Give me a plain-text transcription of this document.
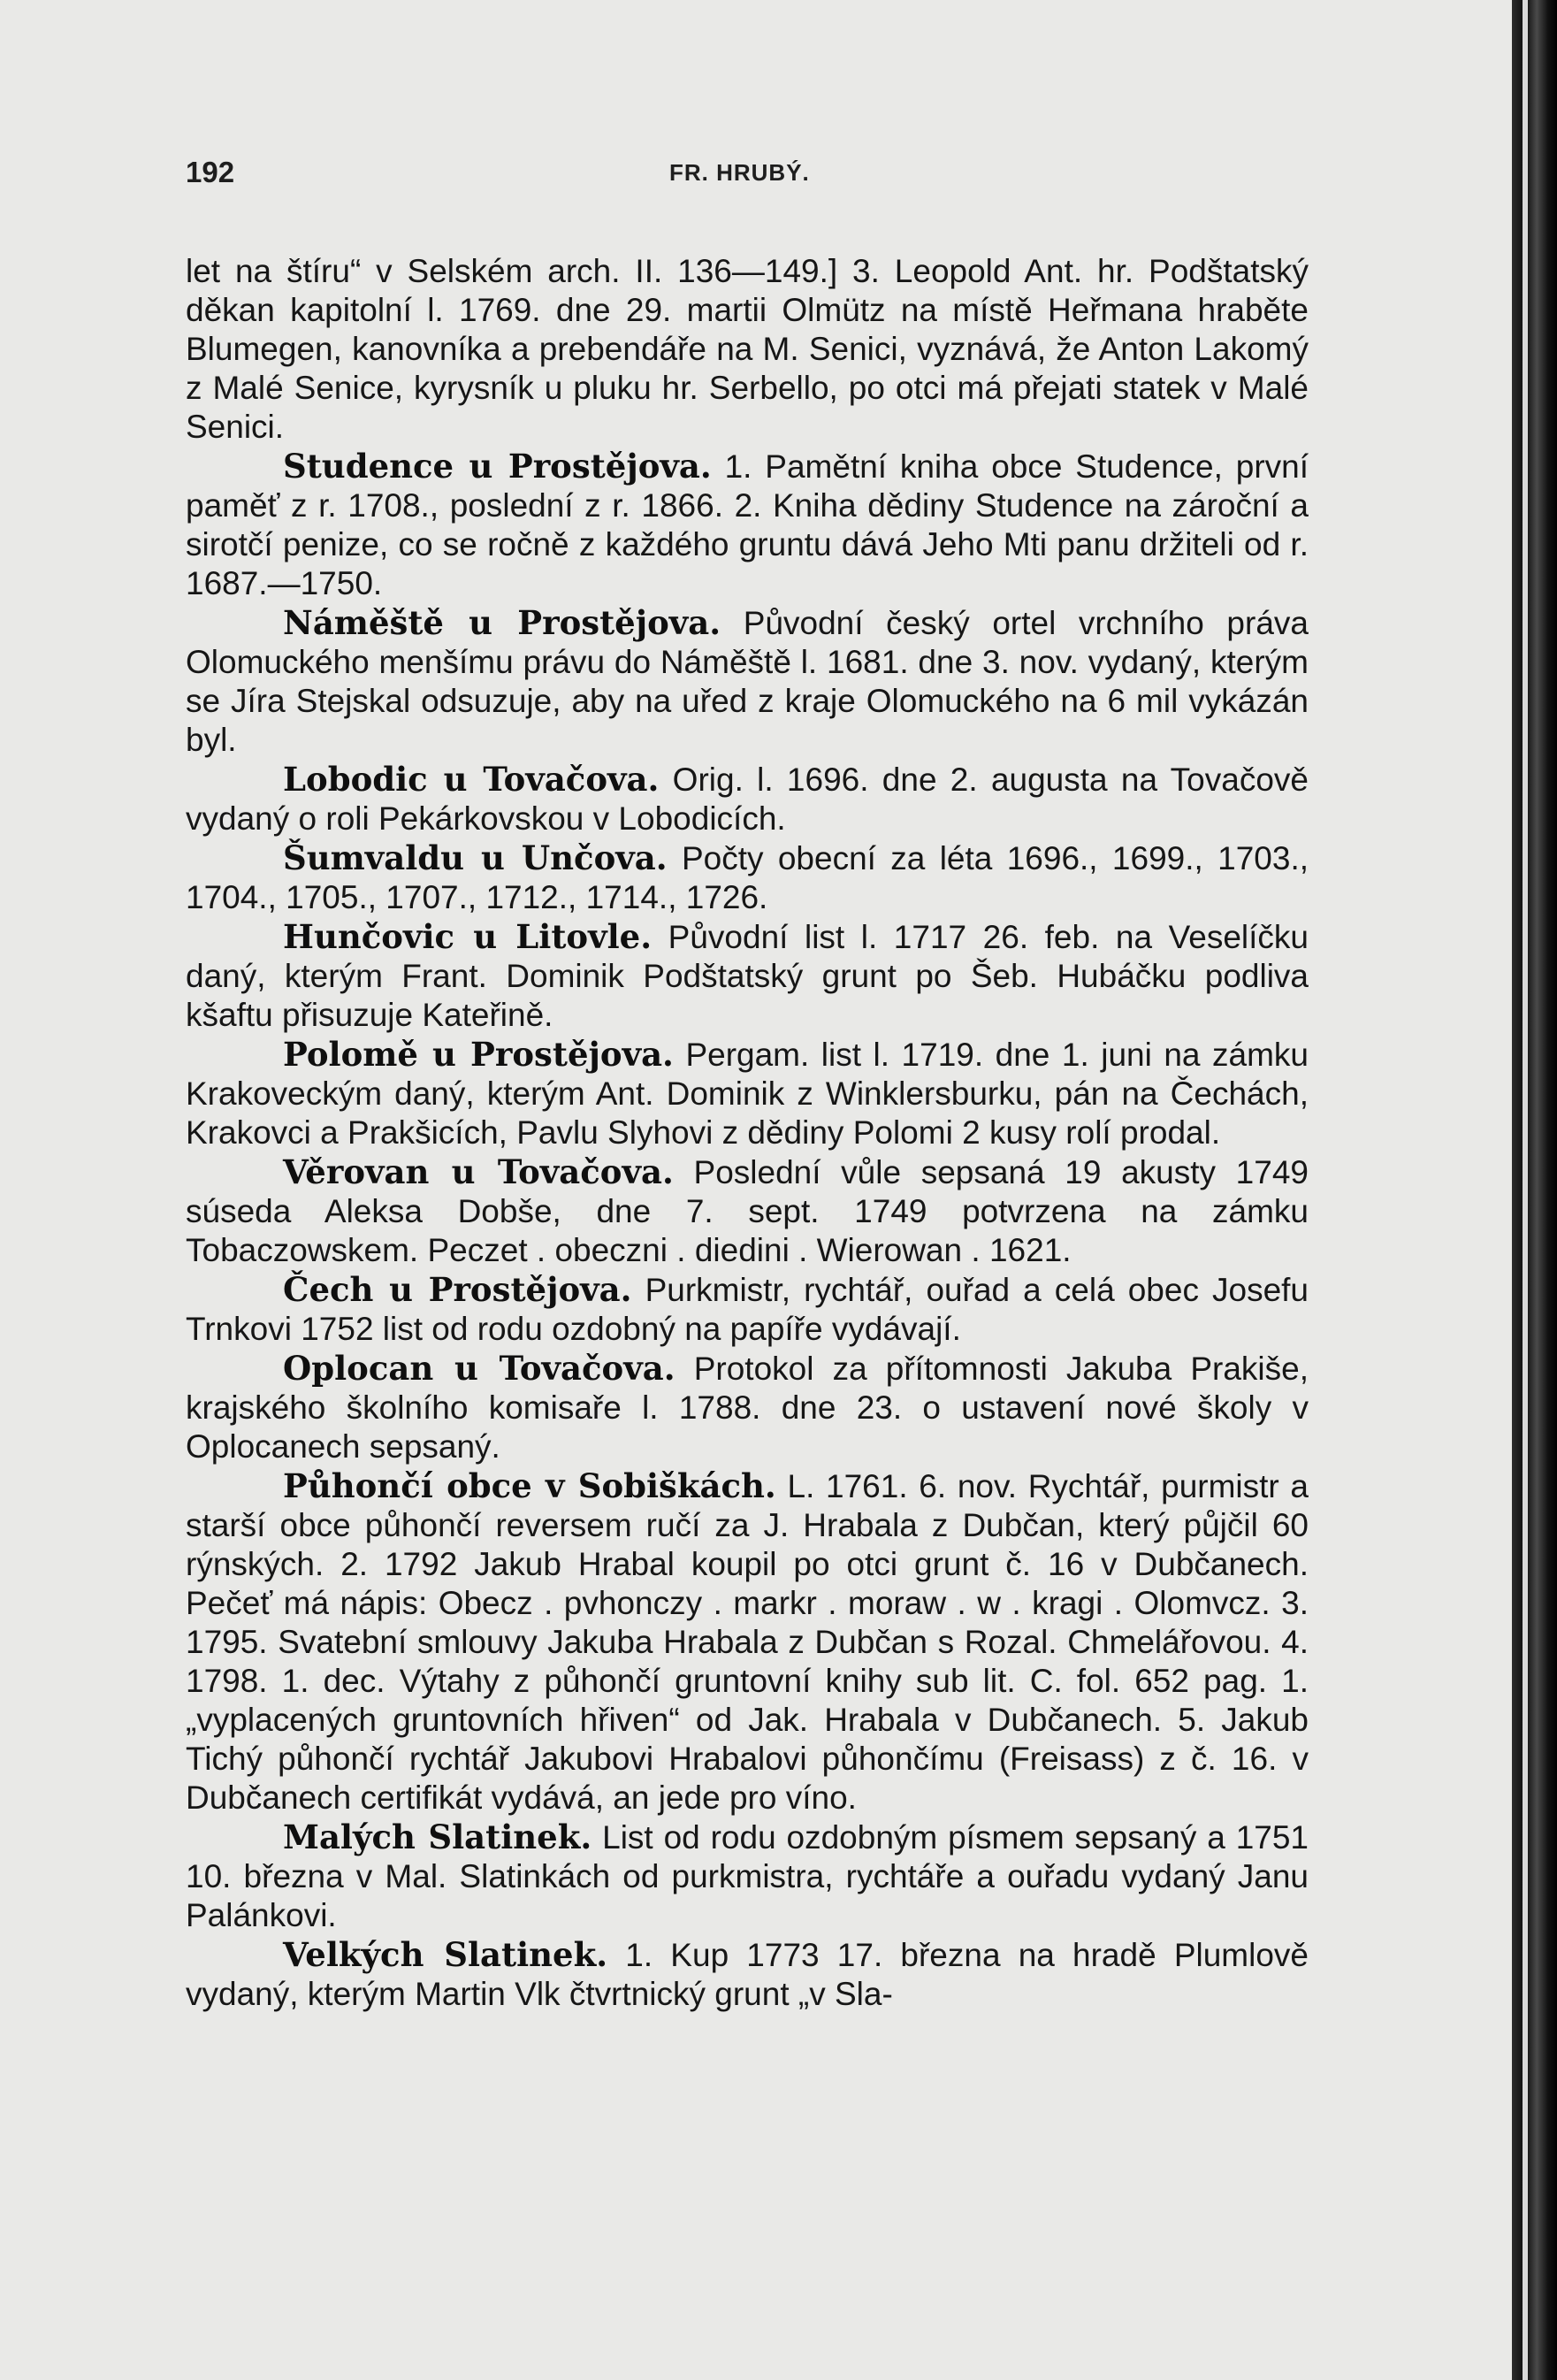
192	FR. HRUBÝ.

let na štíru“ v Selském arch. II. 136—149.] 3. Leopold Ant. hr. Podštatský děkan kapitolní l. 1769. dne 29. martii Olmütz na místě Heřmana hraběte Blumegen, kanovníka a prebendáře na M. Senici, vyznává, že Anton Lakomý z Malé Senice, kyrysník u pluku hr. Serbello, po otci má přejati statek v Malé Senici.

Studence u Prostějova. 1. Pamětní kniha obce Studence, první paměť z r. 1708., poslední z r. 1866. 2. Kniha dědiny Studence na zároční a sirotčí penize, co se ročně z každého gruntu dává Jeho Mti panu držiteli od r. 1687.—1750.

Náměště u Prostějova. Původní český ortel vrchního práva Olomuckého menšímu právu do Náměště l. 1681. dne 3. nov. vydaný, kterým se Jíra Stejskal odsuzuje, aby na uřed z kraje Olomuckého na 6 mil vykázán byl.

Lobodic u Tovačova. Orig. l. 1696. dne 2. augusta na Tovačově vydaný o roli Pekárkovskou v Lobodicích.

Šumvaldu u Unčova. Počty obecní za léta 1696., 1699., 1703., 1704., 1705., 1707., 1712., 1714., 1726.

Hunčovic u Litovle. Původní list l. 1717 26. feb. na Veselíčku daný, kterým Frant. Dominik Podštatský grunt po Šeb. Hubáčku podliva kšaftu přisuzuje Kateřině.

Polomě u Prostějova. Pergam. list l. 1719. dne 1. juni na zámku Krakoveckým daný, kterým Ant. Dominik z Winklersburku, pán na Čechách, Krakovci a Prakšicích, Pavlu Slyhovi z dědiny Polomi 2 kusy rolí prodal.

Věrovan u Tovačova. Poslední vůle sepsaná 19 akusty 1749 súseda Aleksa Dobše, dne 7. sept. 1749 potvrzena na zámku Tobaczowskem. Peczet . obeczni . diedini . Wierowan . 1621.

Čech u Prostějova. Purkmistr, rychtář, ouřad a celá obec Josefu Trnkovi 1752 list od rodu ozdobný na papíře vydávají.

Oplocan u Tovačova. Protokol za přítomnosti Jakuba Prakiše, krajského školního komisaře l. 1788. dne 23. o ustavení nové školy v Oplocanech sepsaný.

Půhončí obce v Sobiškách. L. 1761. 6. nov. Rychtář, purmistr a starší obce půhončí reversem ručí za J. Hrabala z Dubčan, který půjčil 60 rýnských. 2. 1792 Jakub Hrabal koupil po otci grunt č. 16 v Dubčanech. Pečeť má nápis: Obecz . pvhonczy . markr . moraw . w . kragi . Olomvcz. 3. 1795. Svatební smlouvy Jakuba Hrabala z Dubčan s Rozal. Chmelářovou. 4. 1798. 1. dec. Výtahy z půhončí gruntovní knihy sub lit. C. fol. 652 pag. 1. „vyplacených gruntovních hřiven“ od Jak. Hrabala v Dubčanech. 5. Jakub Tichý půhončí rychtář Jakubovi Hrabalovi půhončímu (Freisass) z č. 16. v Dubčanech certifikát vydává, an jede pro víno.

Malých Slatinek. List od rodu ozdobným písmem sepsaný a 1751 10. března v Mal. Slatinkách od purkmistra, rychtáře a ouřadu vydaný Janu Palánkovi.

Velkých Slatinek. 1. Kup 1773 17. března na hradě Plumlově vydaný, kterým Martin Vlk čtvrtnický grunt „v Sla-
